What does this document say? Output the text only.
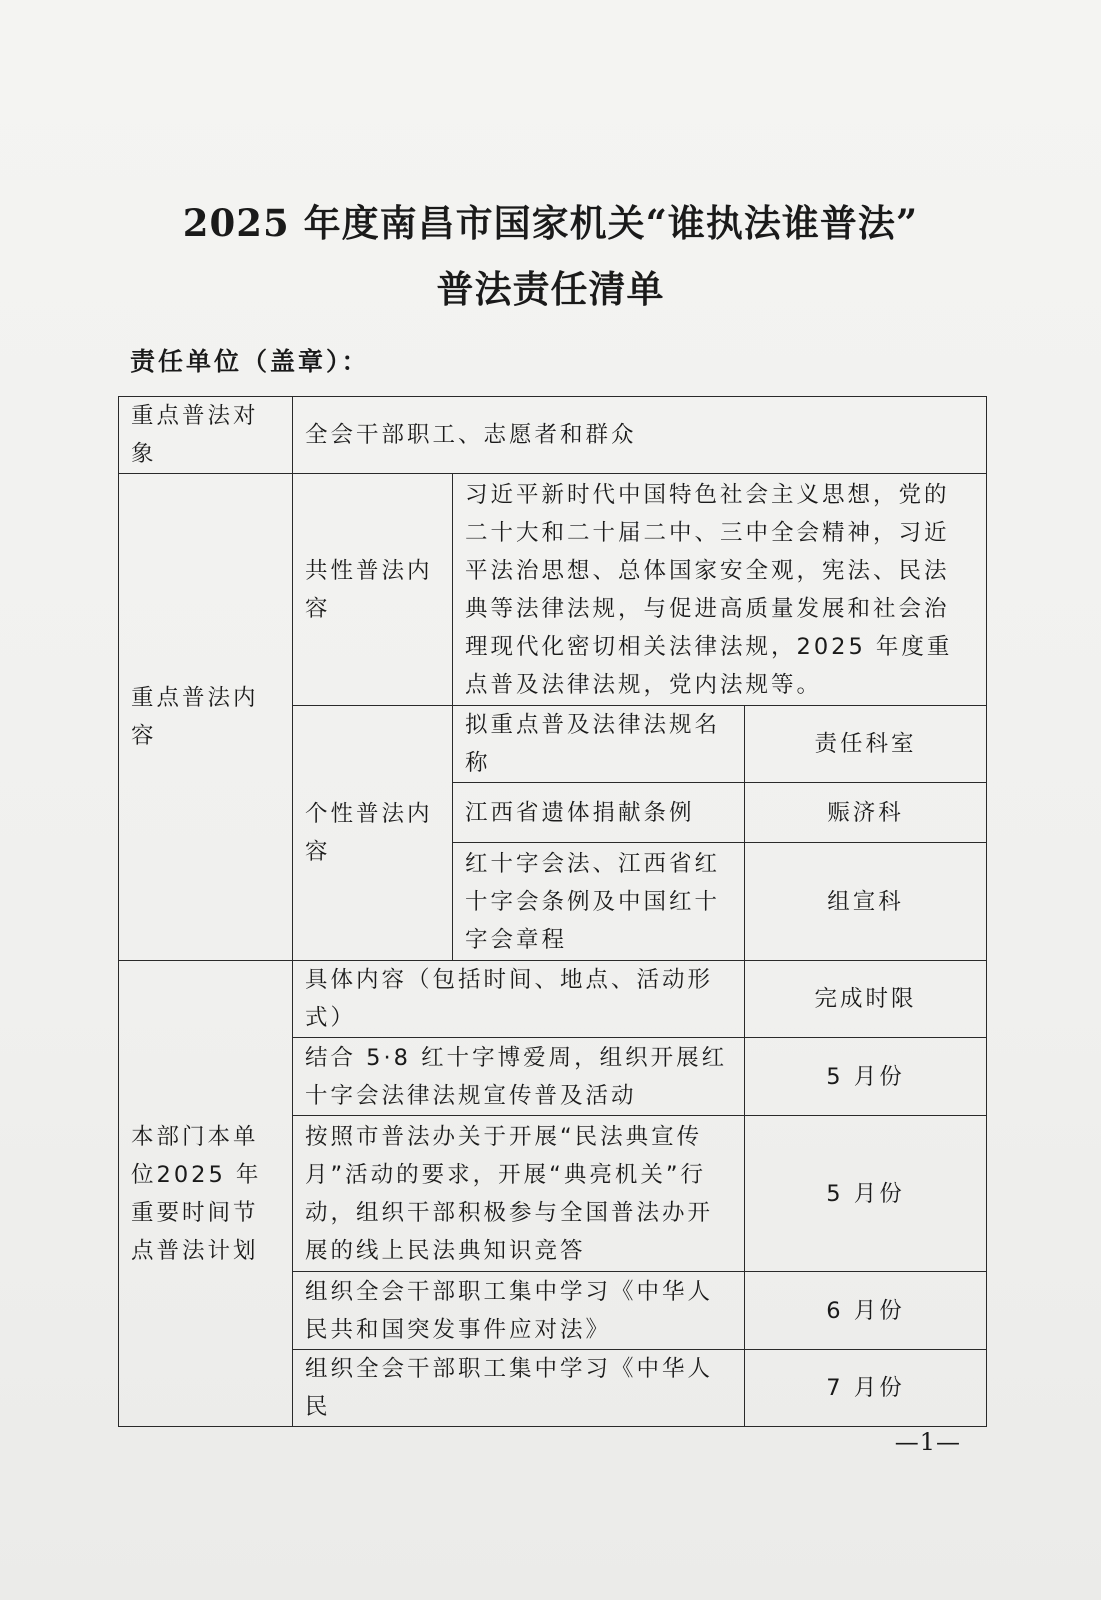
2025 年度南昌市国家机关“谁执法谁普法”
普法责任清单
责任单位（盖章）：
重点普法对象	全会干部职工、志愿者和群众		
重点普法内容	共性普法内容	习近平新时代中国特色社会主义思想，党的二十大和二十届二中、三中全会精神，习近平法治思想、总体国家安全观，宪法、民法典等法律法规，与促进高质量发展和社会治理现代化密切相关法律法规，2025 年度重点普及法律法规，党内法规等。	
	个性普法内容	拟重点普及法律法规名称	责任科室
		江西省遗体捐献条例	赈济科
		红十字会法、江西省红十字会条例及中国红十字会章程	组宣科
本部门本单位2025 年重要时间节点普法计划	具体内容（包括时间、地点、活动形式）		完成时限
	结合 5·8 红十字博爱周，组织开展红十字会法律法规宣传普及活动		5 月份
	按照市普法办关于开展“民法典宣传月”活动的要求，开展“典亮机关”行动，组织干部积极参与全国普法办开展的线上民法典知识竞答		5 月份
	组织全会干部职工集中学习《中华人民共和国突发事件应对法》		6 月份
	组织全会干部职工集中学习《中华人民		7 月份
—1—
